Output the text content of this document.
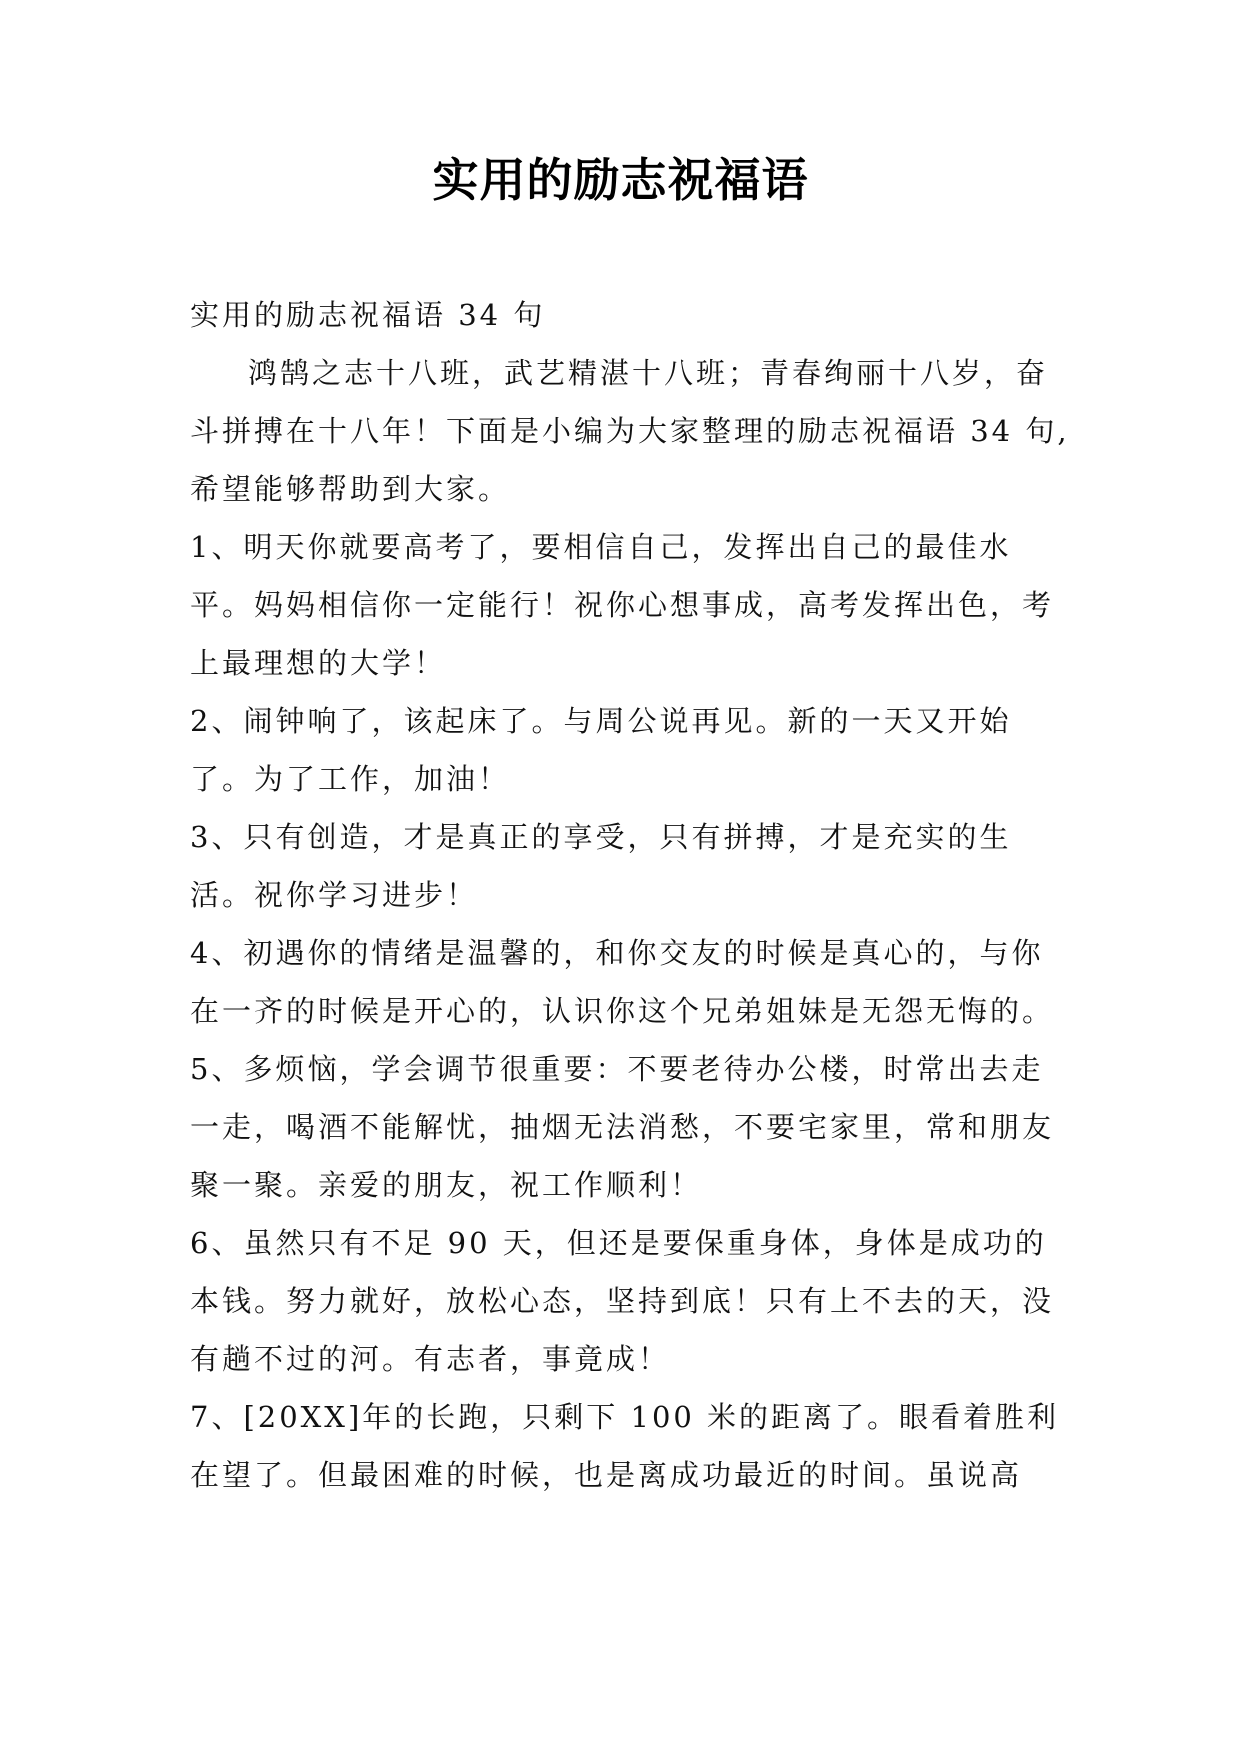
实用的励志祝福语

实用的励志祝福语 34 句

鸿鹄之志十八班，武艺精湛十八班；青春绚丽十八岁，奋斗拼搏在十八年！下面是小编为大家整理的励志祝福语 34 句,希望能够帮助到大家。

1、明天你就要高考了，要相信自己，发挥出自己的最佳水平。妈妈相信你一定能行！祝你心想事成，高考发挥出色，考上最理想的大学！

2、闹钟响了，该起床了。与周公说再见。新的一天又开始了。为了工作，加油！

3、只有创造，才是真正的享受，只有拼搏，才是充实的生活。祝你学习进步！

4、初遇你的情绪是温馨的，和你交友的时候是真心的，与你在一齐的时候是开心的，认识你这个兄弟姐妹是无怨无悔的。

5、多烦恼，学会调节很重要：不要老待办公楼，时常出去走一走，喝酒不能解忧，抽烟无法消愁，不要宅家里，常和朋友聚一聚。亲爱的朋友，祝工作顺利！

6、虽然只有不足 90 天，但还是要保重身体，身体是成功的本钱。努力就好，放松心态，坚持到底！只有上不去的天，没有趟不过的河。有志者，事竟成！

7、[20XX]年的长跑，只剩下 100 米的距离了。眼看着胜利在望了。但最困难的时候，也是离成功最近的时间。虽说高
